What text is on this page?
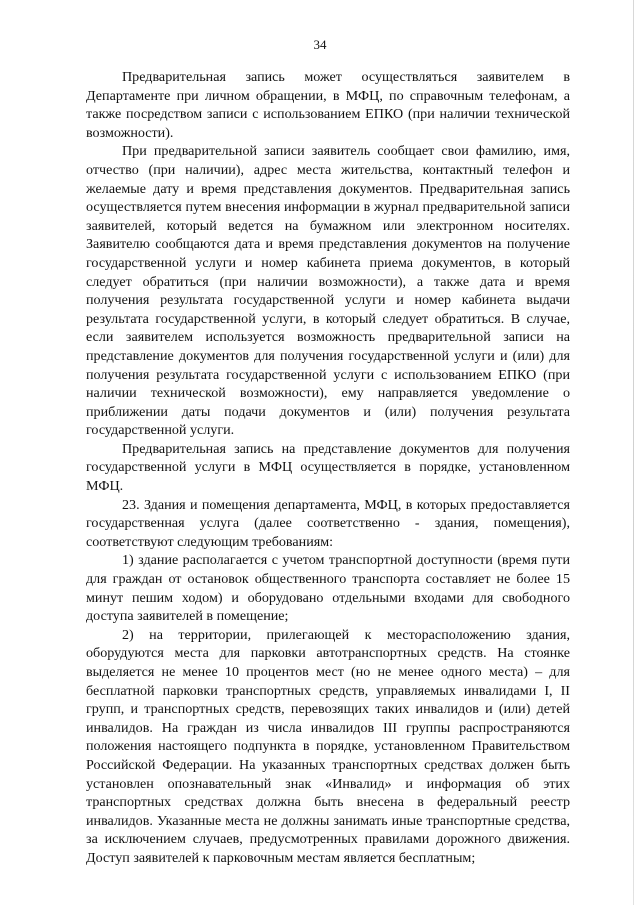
34

Предварительная запись может осуществляться заявителем в Департаменте при личном обращении, в МФЦ, по справочным телефонам, а также посредством записи с использованием ЕПКО (при наличии технической возможности).

При предварительной записи заявитель сообщает свои фамилию, имя, отчество (при наличии), адрес места жительства, контактный телефон и желаемые дату и время представления документов. Предварительная запись осуществляется путем внесения информации в журнал предварительной записи заявителей, который ведется на бумажном или электронном носителях. Заявителю сообщаются дата и время представления документов на получение государственной услуги и номер кабинета приема документов, в который следует обратиться (при наличии возможности), а также дата и время получения результата государственной услуги и номер кабинета выдачи результата государственной услуги, в который следует обратиться. В случае, если заявителем используется возможность предварительной записи на представление документов для получения государственной услуги и (или) для получения результата государственной услуги с использованием ЕПКО (при наличии технической возможности), ему направляется уведомление о приближении даты подачи документов и (или) получения результата государственной услуги.

Предварительная запись на представление документов для получения государственной услуги в МФЦ осуществляется в порядке, установленном МФЦ.

23. Здания и помещения департамента, МФЦ, в которых предоставляется государственная услуга (далее соответственно - здания, помещения), соответствуют следующим требованиям:

1) здание располагается с учетом транспортной доступности (время пути для граждан от остановок общественного транспорта составляет не более 15 минут пешим ходом) и оборудовано отдельными входами для свободного доступа заявителей в помещение;

2) на территории, прилегающей к месторасположению здания, оборудуются места для парковки автотранспортных средств. На стоянке выделяется не менее 10 процентов мест (но не менее одного места) – для бесплатной парковки транспортных средств, управляемых инвалидами I, II групп, и транспортных средств, перевозящих таких инвалидов и (или) детей инвалидов. На граждан из числа инвалидов III группы распространяются положения настоящего подпункта в порядке, установленном Правительством Российской Федерации. На указанных транспортных средствах должен быть установлен опознавательный знак «Инвалид» и информация об этих транспортных средствах должна быть внесена в федеральный реестр инвалидов. Указанные места не должны занимать иные транспортные средства, за исключением случаев, предусмотренных правилами дорожного движения. Доступ заявителей к парковочным местам является бесплатным;
